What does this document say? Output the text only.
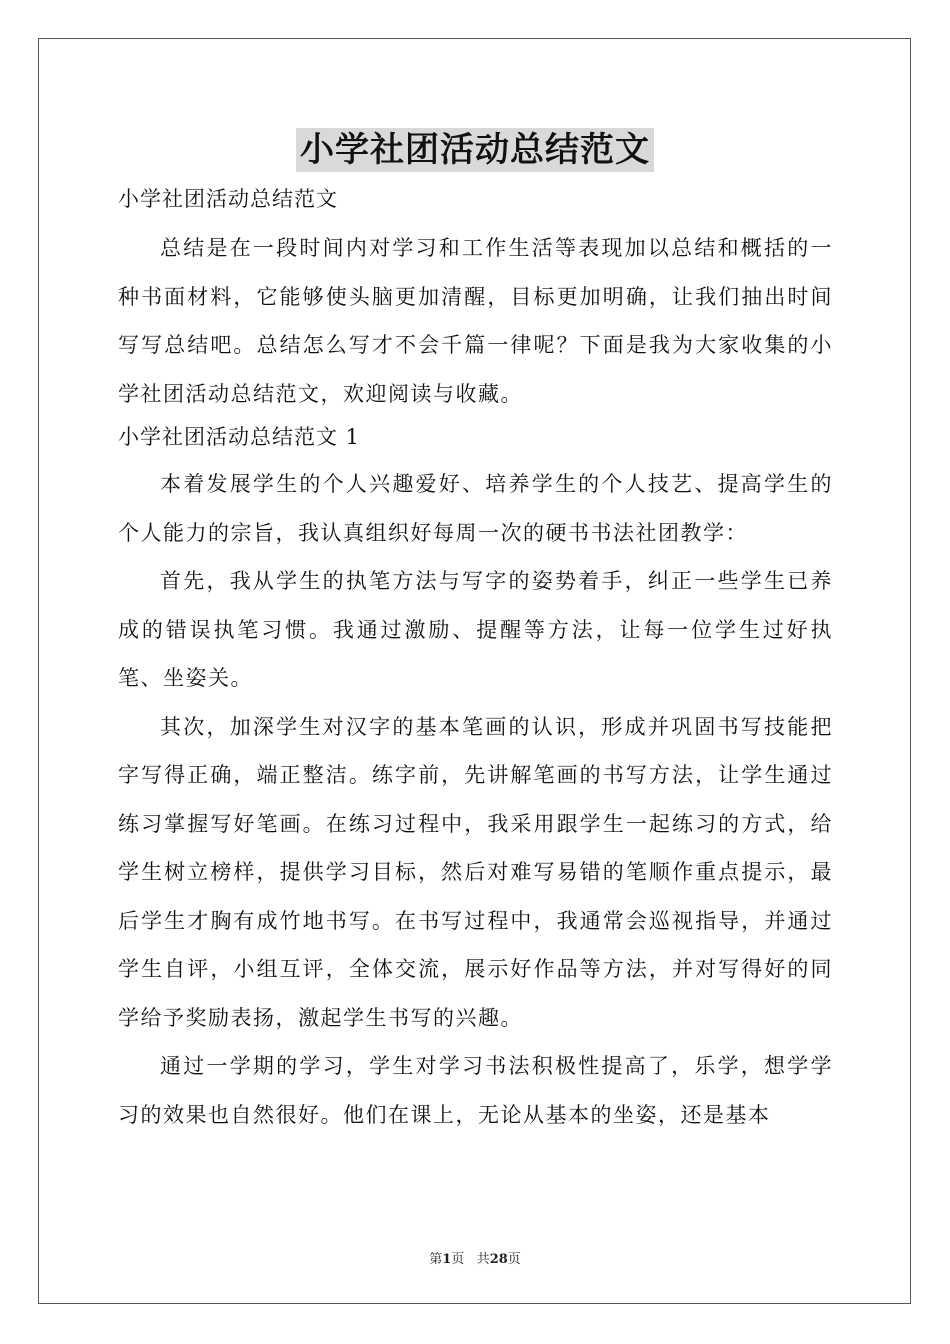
小学社团活动总结范文

小学社团活动总结范文

总结是在一段时间内对学习和工作生活等表现加以总结和概括的一种书面材料，它能够使头脑更加清醒，目标更加明确，让我们抽出时间写写总结吧。总结怎么写才不会千篇一律呢？下面是我为大家收集的小学社团活动总结范文，欢迎阅读与收藏。

小学社团活动总结范文 1

本着发展学生的个人兴趣爱好、培养学生的个人技艺、提高学生的个人能力的宗旨，我认真组织好每周一次的硬书书法社团教学：

首先，我从学生的执笔方法与写字的姿势着手，纠正一些学生已养成的错误执笔习惯。我通过激励、提醒等方法，让每一位学生过好执笔、坐姿关。

其次，加深学生对汉字的基本笔画的认识，形成并巩固书写技能把字写得正确，端正整洁。练字前，先讲解笔画的书写方法，让学生通过练习掌握写好笔画。在练习过程中，我采用跟学生一起练习的方式，给学生树立榜样，提供学习目标，然后对难写易错的笔顺作重点提示，最后学生才胸有成竹地书写。在书写过程中，我通常会巡视指导，并通过学生自评，小组互评，全体交流，展示好作品等方法，并对写得好的同学给予奖励表扬，激起学生书写的兴趣。

通过一学期的学习，学生对学习书法积极性提高了，乐学，想学学习的效果也自然很好。他们在课上，无论从基本的坐姿，还是基本

第1页 共28页
